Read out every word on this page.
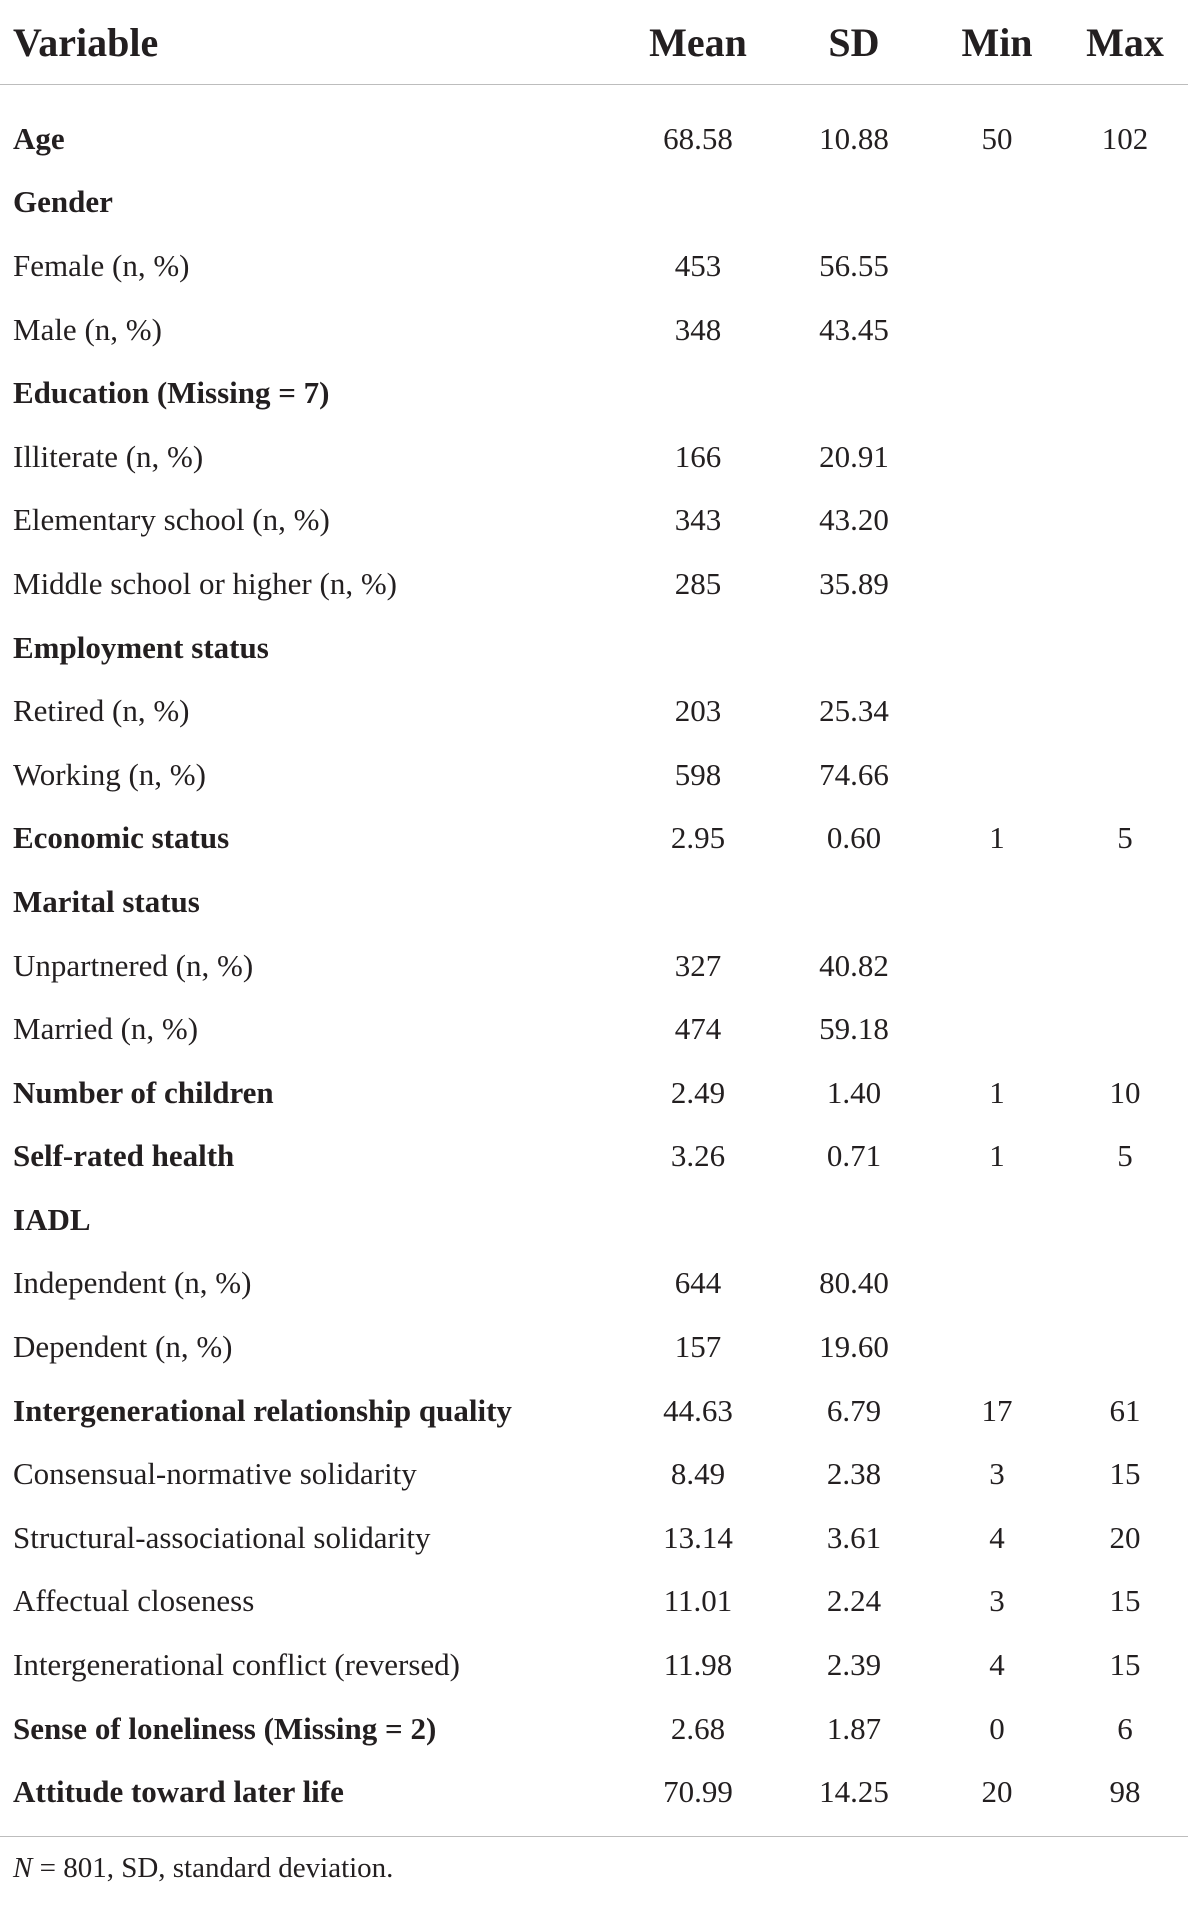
Variable	Mean	SD	Min	Max
Age	68.58	10.88	50	102
Gender				
Female (n, %)	453	56.55		
Male (n, %)	348	43.45		
Education (Missing = 7)				
Illiterate (n, %)	166	20.91		
Elementary school (n, %)	343	43.20		
Middle school or higher (n, %)	285	35.89		
Employment status				
Retired (n, %)	203	25.34		
Working (n, %)	598	74.66		
Economic status	2.95	0.60	1	5
Marital status				
Unpartnered (n, %)	327	40.82		
Married (n, %)	474	59.18		
Number of children	2.49	1.40	1	10
Self-rated health	3.26	0.71	1	5
IADL				
Independent (n, %)	644	80.40		
Dependent (n, %)	157	19.60		
Intergenerational relationship quality	44.63	6.79	17	61
Consensual-normative solidarity	8.49	2.38	3	15
Structural-associational solidarity	13.14	3.61	4	20
Affectual closeness	11.01	2.24	3	15
Intergenerational conflict (reversed)	11.98	2.39	4	15
Sense of loneliness (Missing = 2)	2.68	1.87	0	6
Attitude toward later life	70.99	14.25	20	98
N = 801, SD, standard deviation.
